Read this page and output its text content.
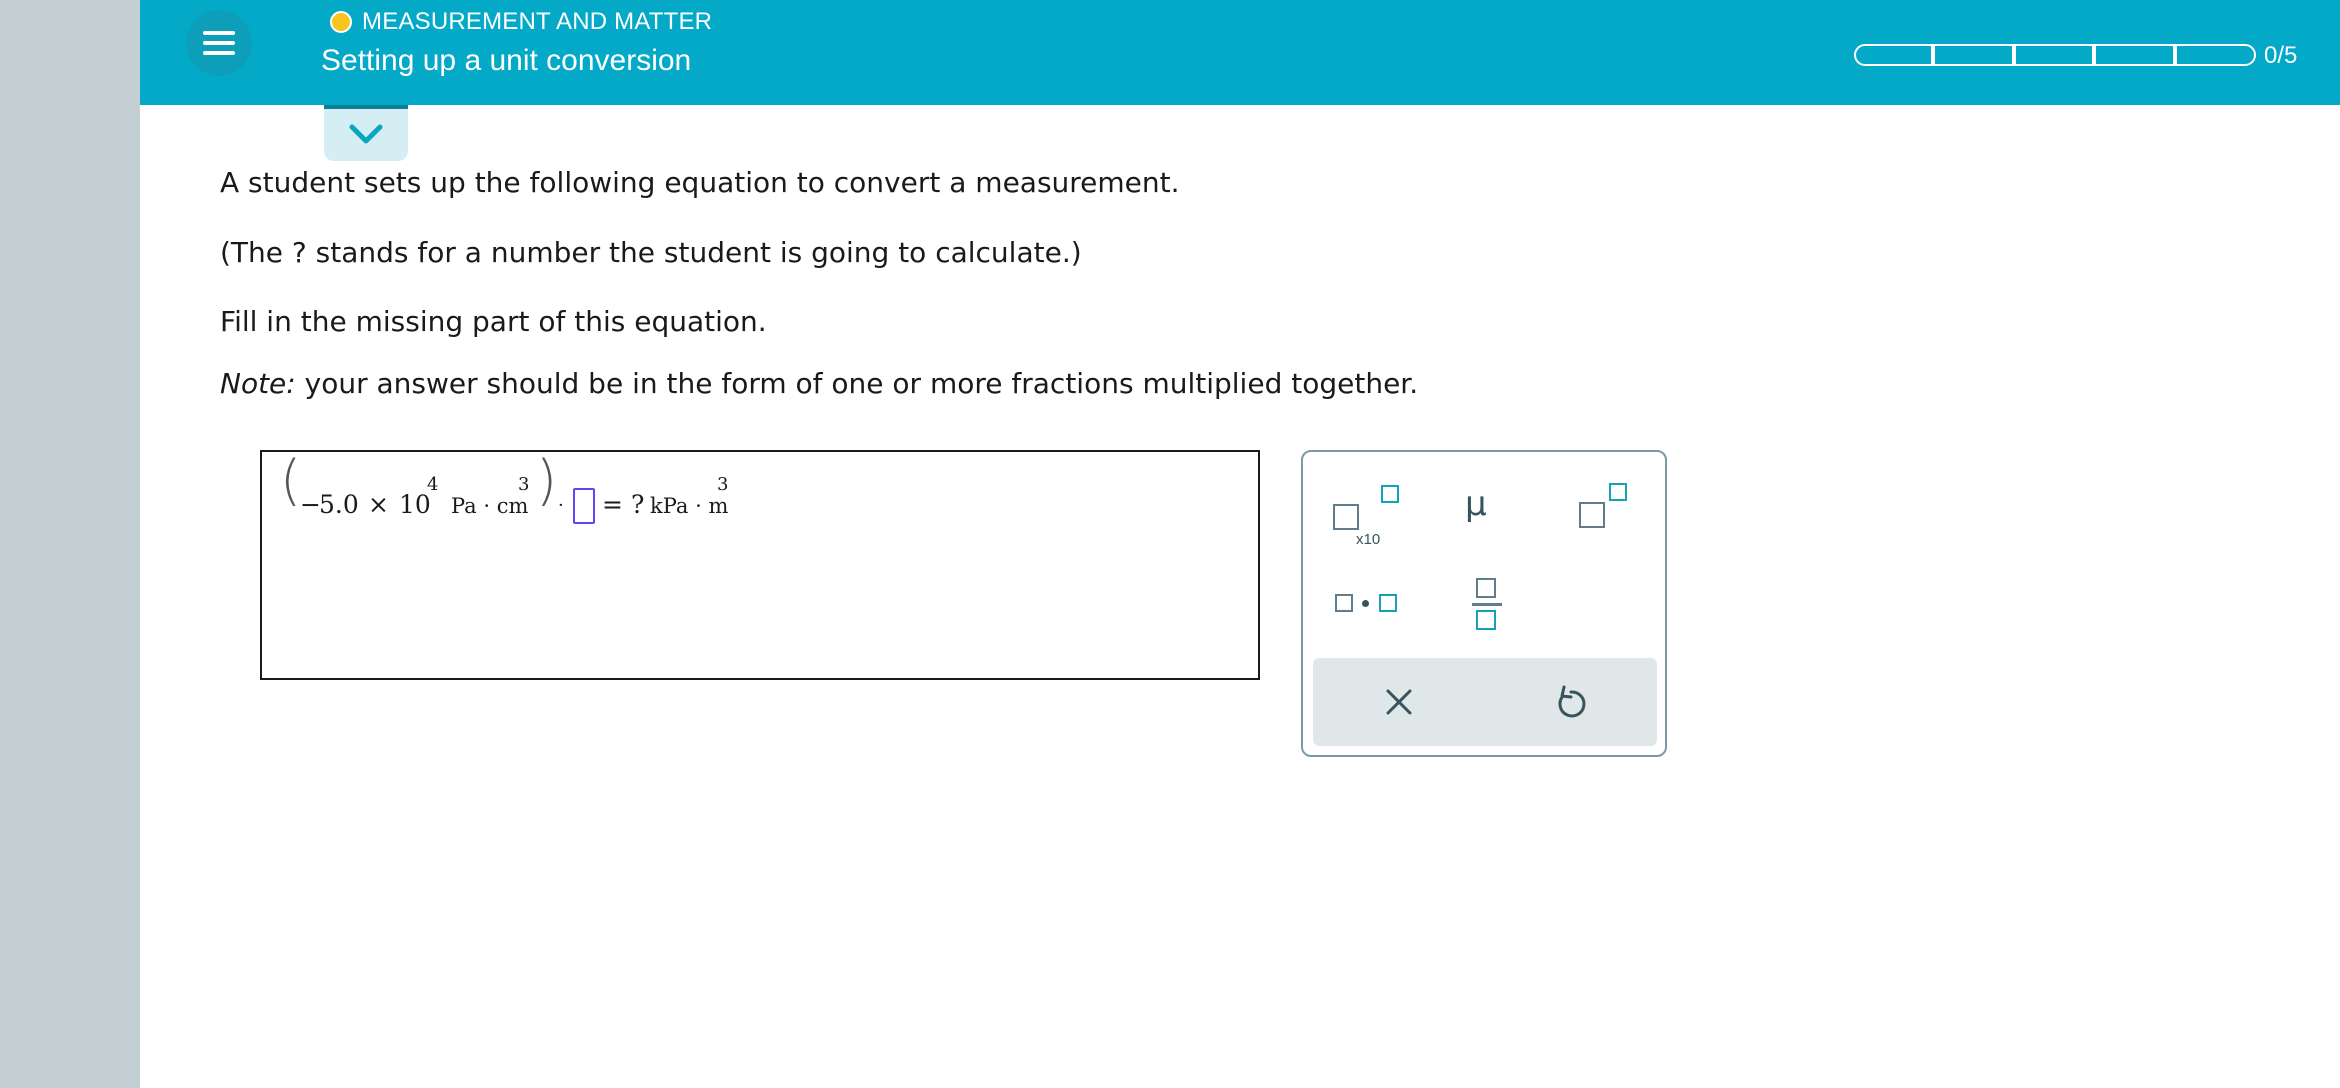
MEASUREMENT AND MATTER
Setting up a unit conversion	0/5
A student sets up the following equation to convert a measurement.
(The ? stands for a number the student is going to calculate.)
Fill in the missing part of this equation.
Note: your answer should be in the form of one or more fractions multiplied together.
(
−
5.0 × 10
4
Pa · cm
3 ) · = ? kPa · m
3
x10
μ
